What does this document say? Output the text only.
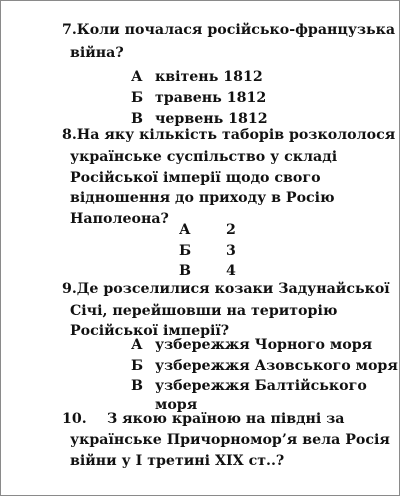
7.Коли почалася російсько-французька
війна?
А квітень 1812
Б травень 1812
В червень 1812
8.На яку кількість таборів розкололося
українське суспільство у складі
Російської імперії щодо свого
відношення до приходу в Росію
Наполеона?
А 2
Б 3
В 4
9.Де розселилися козаки Задунайської
Січі, перейшовши на територію
Російської імперії?
А узбережжя Чорного моря
Б узбережжя Азовського моря
В узбережжя Балтійського
моря
10. З якою країною на півдні за
українське Причорномор’я вела Росія
війни у І третині ХІХ ст..?
